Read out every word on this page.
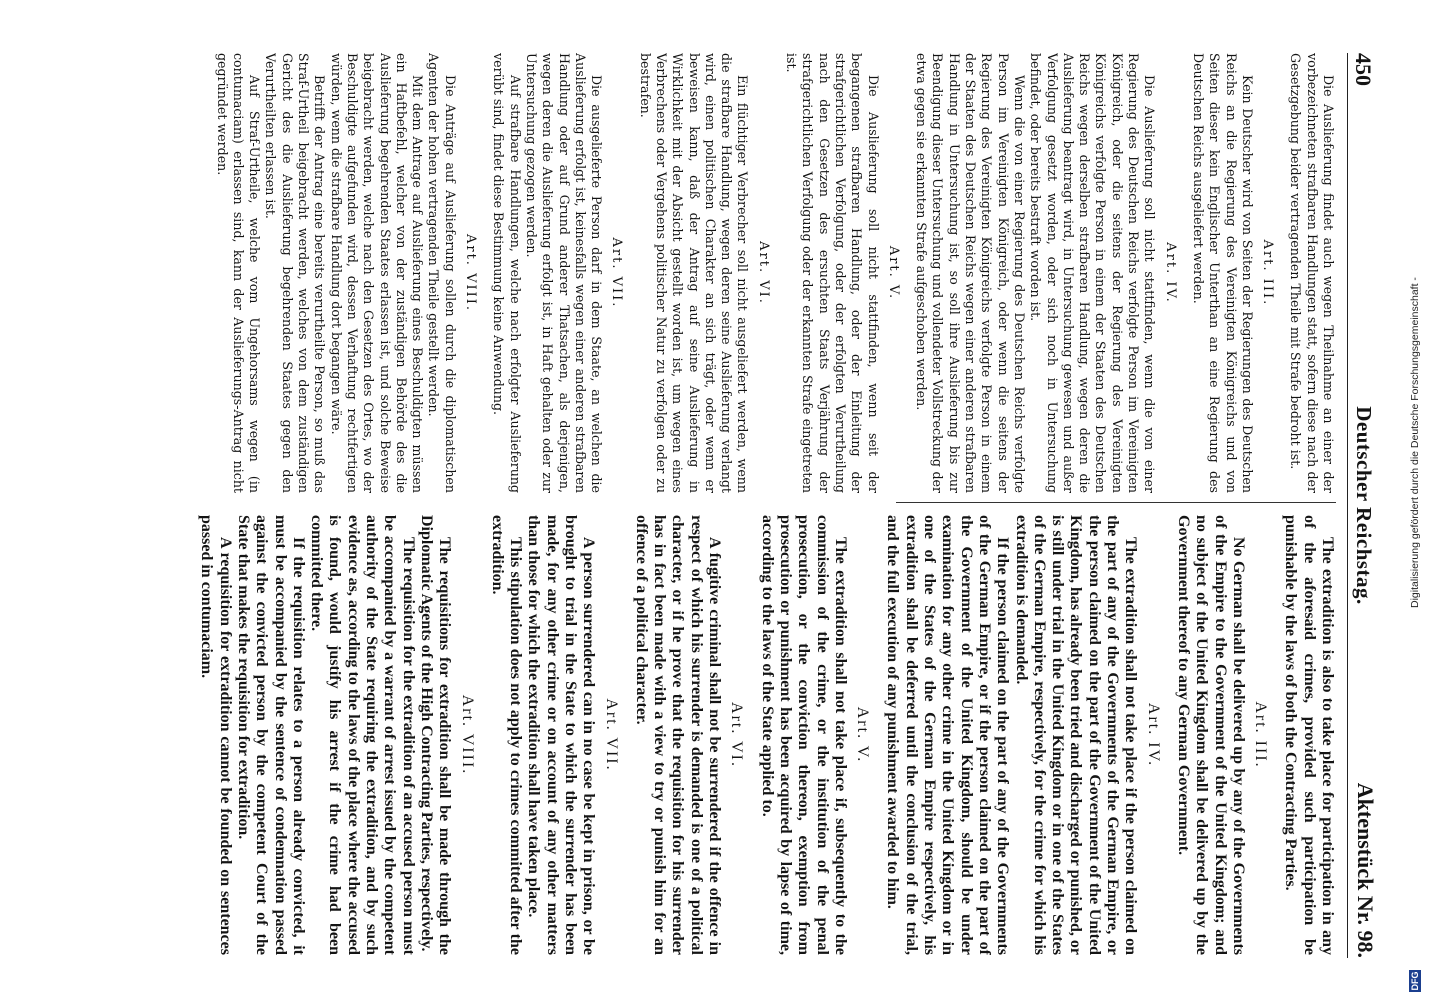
450
Deutscher Reichstag.
Aktenstück Nr. 98.

Die Auslieferung findet auch wegen Theilnahme an einer der vorbezeichneten strafbaren Handlungen statt, sofern diese nach der Gesetzgebung beider vertragenden Theile mit Strafe bedroht ist.

Art. III.

Kein Deutscher wird von Seiten der Regierungen des Deutschen Reichs an die Regierung des Vereinigten Königreichs und von Seiten dieser kein Englischer Unterthan an eine Regierung des Deutschen Reichs ausgeliefert werden.

Art. IV.

Die Auslieferung soll nicht stattfinden, wenn die von einer Regierung des Deutschen Reichs verfolgte Person im Vereinigten Königreich, oder die seitens der Regierung des Vereinigten Königreichs verfolgte Person in einem der Staaten des Deutschen Reichs wegen derselben strafbaren Handlung, wegen deren die Auslieferung beantragt wird, in Untersuchung gewesen und außer Verfolgung gesetzt worden, oder sich noch in Untersuchung befindet, oder bereits bestraft worden ist.

Wenn die von einer Regierung des Deutschen Reichs verfolgte Person im Vereinigten Königreich, oder wenn die seitens der Regierung des Vereinigten Königreichs verfolgte Person in einem der Staaten des Deutschen Reichs wegen einer anderen strafbaren Handlung in Untersuchung ist, so soll ihre Auslieferung bis zur Beendigung dieser Untersuchung und vollendeter Vollstreckung der etwa gegen sie erkannten Strafe aufgeschoben werden.

Art. V.

Die Auslieferung soll nicht stattfinden, wenn seit der begangenen strafbaren Handlung, oder der Einleitung der strafgerichtlichen Verfolgung, oder der erfolgten Verurtheilung nach den Gesetzen des ersuchten Staats Verjährung der strafgerichtlichen Verfolgung oder der erkannten Strafe eingetreten ist.

Art. VI.

Ein flüchtiger Verbrecher soll nicht ausgeliefert werden, wenn die strafbare Handlung, wegen deren seine Auslieferung verlangt wird, einen politischen Charakter an sich trägt, oder wenn er beweisen kann, daß der Antrag auf seine Auslieferung in Wirklichkeit mit der Absicht gestellt worden ist, um wegen eines Verbrechens oder Vergehens politischer Natur zu verfolgen oder zu bestrafen.

Art. VII.

Die ausgelieferte Person darf in dem Staate, an welchen die Auslieferung erfolgt ist, keinesfalls wegen einer anderen strafbaren Handlung oder auf Grund anderer Thatsachen, als derjenigen, wegen deren die Auslieferung erfolgt ist, in Haft gehalten oder zur Untersuchung gezogen werden.

Auf strafbare Handlungen, welche nach erfolgter Auslieferung verübt sind, findet diese Bestimmung keine Anwendung.

Art. VIII.

Die Anträge auf Auslieferung sollen durch die diplomatischen Agenten der hohen vertragenden Theile gestellt werden.

Mit dem Antrage auf Auslieferung eines Beschuldigten müssen ein Haftbefehl, welcher von der zuständigen Behörde des die Auslieferung begehrenden Staates erlassen ist, und solche Beweise beigebracht werden, welche nach den Gesetzen des Ortes, wo der Beschuldigte aufgefunden wird, dessen Verhaftung rechtfertigen würden, wenn die strafbare Handlung dort begangen wäre.

Betrifft der Antrag eine bereits verurtheilte Person, so muß das Straf-Urtheil beigebracht werden, welches von dem zuständigen Gericht des die Auslieferung begehrenden Staates gegen den Verurtheilten erlassen ist.

Auf Straf-Urtheile, welche vom Ungehorsams wegen (in contumaciam) erlassen sind, kann der Auslieferungs-Antrag nicht gegründet werden.

The extradition is also to take place for participation in any of the aforesaid crimes, provided such participation be punishable by the laws of both the Contracting Parties.

Art. III.

No German shall be delivered up by any of the Governments of the Empire to the Government of the United Kingdom; and no subject of the United Kingdom shall be delivered up by the Government thereof to any German Government.

Art. IV.

The extradition shall not take place if the person claimed on the part of any of the Governments of the German Empire, or the person claimed on the part of the Government of the United Kingdom, has already been tried and discharged or punished, or is still under trial in the United Kingdom or in one of the States of the German Empire, respectively, for the crime for which his extradition is demanded.

If the person claimed on the part of any of the Governments of the German Empire, or if the person claimed on the part of the Government of the United Kingdom, should be under examination for any other crime in the United Kingdom or in one of the States of the German Empire respectively, his extradition shall be deferred until the conclusion of the trial, and the full execution of any punishment awarded to him.

Art. V.

The extradition shall not take place if, subsequently to the commission of the crime, or the institution of the penal prosecution, or the conviction thereon, exemption from prosecution or punishment has been acquired by lapse of time, according to the laws of the State applied to.

Art. VI.

A fugitive criminal shall not be surrendered if the offence in respect of which his surrender is demanded is one of a political character, or if he prove that the requisition for his surrender has in fact been made with a view to try or punish him for an offence of a political character.

Art. VII.

A person surrendered can in no case be kept in prison, or be brought to trial in the State to which the surrender has been made, for any other crime or on account of any other matters than those for which the extradition shall have taken place.

This stipulation does not apply to crimes committed after the extradition.

Art. VIII.

The requisitions for extradition shall be made through the Diplomatic Agents of the High Contracting Parties, respectively.

The requisition for the extradition of an accused person must be accompanied by a warrant of arrest issued by the competent authority of the State requiring the extradition, and by such evidence as, according to the laws of the place where the accused is found, would justify his arrest if the crime had been committed there.

If the requisition relates to a person already convicted, it must be accompanied by the sentence of condemnation passed against the convicted person by the competent Court of the State that makes the requisition for extradition.

A requisition for extradition cannot be founded on sentences passed in contumaciam.	Digitalisierung gefördert durch die Deutsche Forschungsgemeinschaft -
DFG
